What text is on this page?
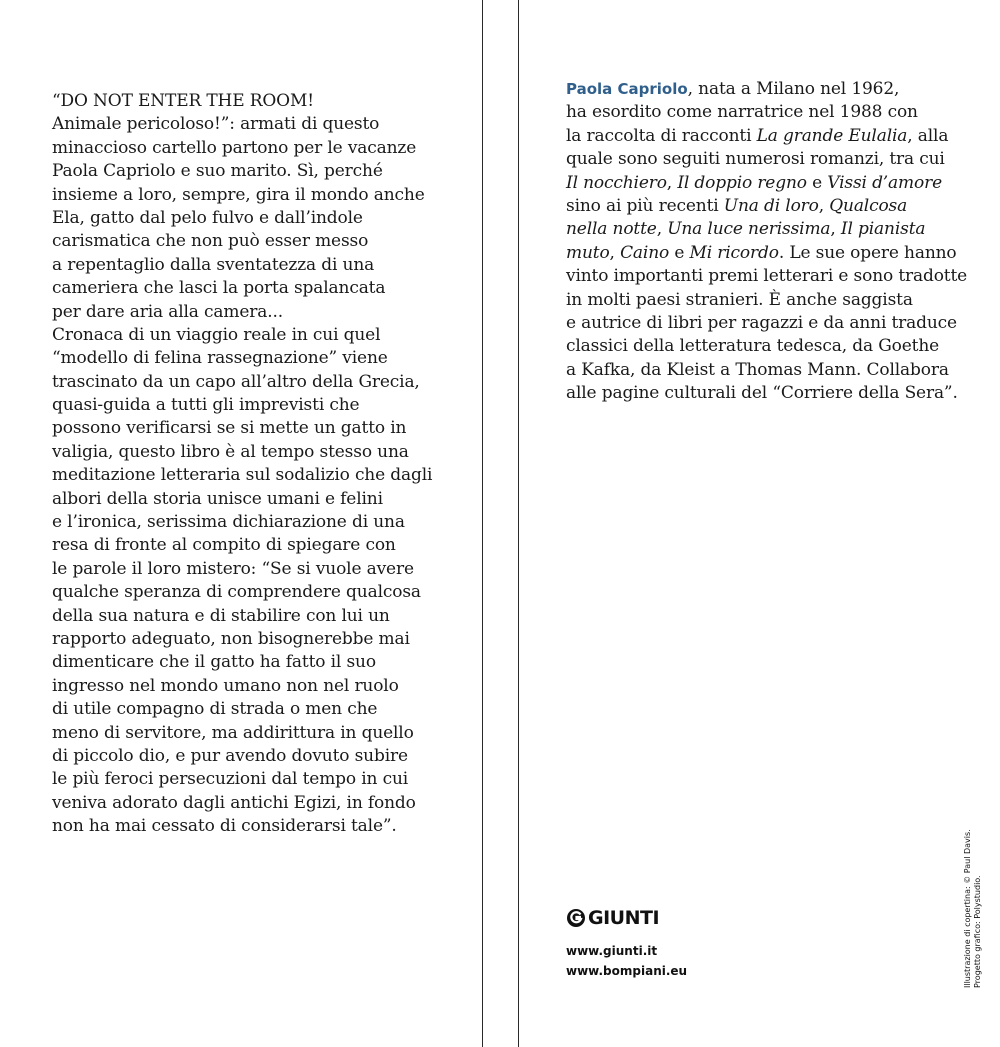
“DO NOT ENTER THE ROOM!
Animale pericoloso!”: armati di questo
minaccioso cartello partono per le vacanze
Paola Capriolo e suo marito. Sì, perché
insieme a loro, sempre, gira il mondo anche
Ela, gatto dal pelo fulvo e dall’indole
carismatica che non può esser messo
a repentaglio dalla sventatezza di una
cameriera che lasci la porta spalancata
per dare aria alla camera...
Cronaca di un viaggio reale in cui quel
“modello di felina rassegnazione” viene
trascinato da un capo all’altro della Grecia,
quasi-guida a tutti gli imprevisti che
possono verificarsi se si mette un gatto in
valigia, questo libro è al tempo stesso una
meditazione letteraria sul sodalizio che dagli
albori della storia unisce umani e felini
e l’ironica, serissima dichiarazione di una
resa di fronte al compito di spiegare con
le parole il loro mistero: “Se si vuole avere
qualche speranza di comprendere qualcosa
della sua natura e di stabilire con lui un
rapporto adeguato, non bisognerebbe mai
dimenticare che il gatto ha fatto il suo
ingresso nel mondo umano non nel ruolo
di utile compagno di strada o men che
meno di servitore, ma addirittura in quello
di piccolo dio, e pur avendo dovuto subire
le più feroci persecuzioni dal tempo in cui
veniva adorato dagli antichi Egizi, in fondo
non ha mai cessato di considerarsi tale”.
Paola Capriolo, nata a Milano nel 1962,
ha esordito come narratrice nel 1988 con
la raccolta di racconti La grande Eulalia, alla
quale sono seguiti numerosi romanzi, tra cui
Il nocchiero, Il doppio regno e Vissi d’amore
sino ai più recenti Una di loro, Qualcosa
nella notte, Una luce nerissima, Il pianista
muto, Caino e Mi ricordo. Le sue opere hanno
vinto importanti premi letterari e sono tradotte
in molti paesi stranieri. È anche saggista
e autrice di libri per ragazzi e da anni traduce
classici della letteratura tedesca, da Goethe
a Kafka, da Kleist a Thomas Mann. Collabora
alle pagine culturali del “Corriere della Sera”.
GIUNTI
www.giunti.it
www.bompiani.eu	Illustrazione di copertina: © Paul Davis. Progetto grafico: Polystudio.
